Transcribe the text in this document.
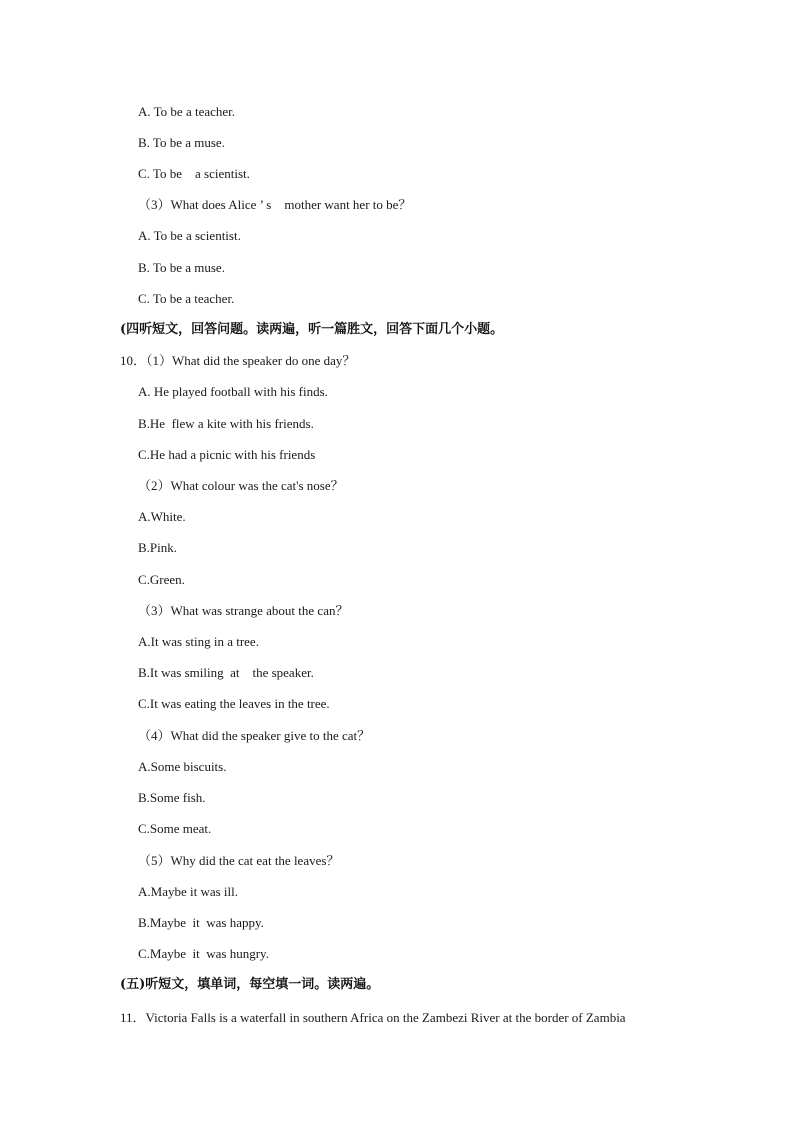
A. To be a teacher.
B. To be a muse.
C. To be    a scientist.
（3）What does Alice ’ s    mother want her to be？
A. To be a scientist.
B. To be a muse.
C. To be a teacher.
(四听短文，回答问题。读两遍，听一篇胜文，回答下面几个小题。
10．（1）What did the speaker do one day？
A. He played football with his finds.
B.He  flew a kite with his friends.
C.He had a picnic with his friends
（2）What colour was the cat's nose？
A.White.
B.Pink.
C.Green.
（3）What was strange about the can？
A.It was sting in a tree.
B.It was smiling  at    the speaker.
C.It was eating the leaves in the tree.
（4）What did the speaker give to the cat？
A.Some biscuits.
B.Some fish.
C.Some meat.
（5）Why did the cat eat the leaves？
A.Maybe it was ill.
B.Maybe  it  was happy.
C.Maybe  it  was hungry.
(五)听短文，填单词，每空填一词。读两遍。
11．Victoria Falls is a waterfall in southern Africa on the Zambezi River at the border of Zambia
